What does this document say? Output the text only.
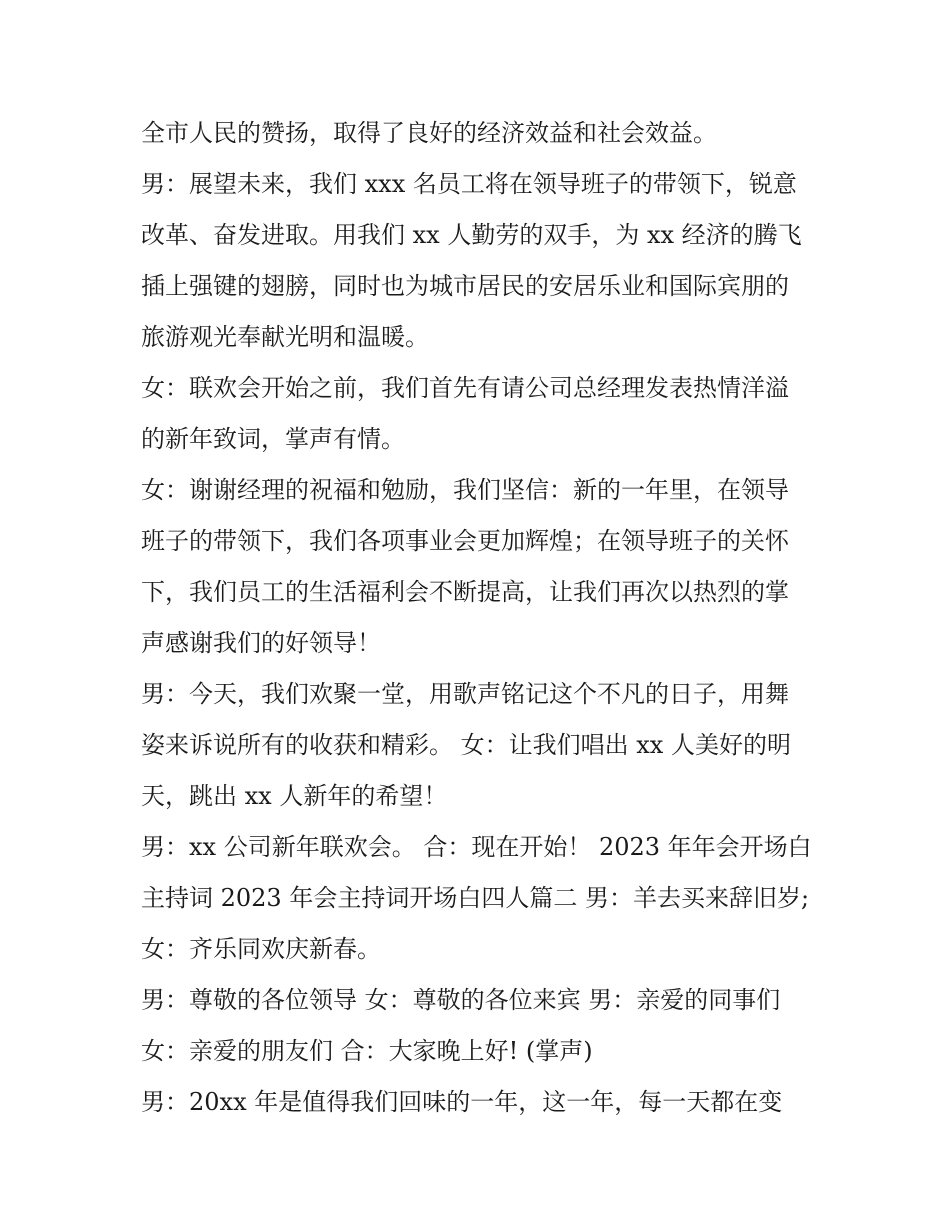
全市人民的赞扬，取得了良好的经济效益和社会效益。
男：展望未来，我们 xxx 名员工将在领导班子的带领下，锐意
改革、奋发进取。用我们 xx 人勤劳的双手，为 xx 经济的腾飞
插上强键的翅膀，同时也为城市居民的安居乐业和国际宾朋的
旅游观光奉献光明和温暖。
女：联欢会开始之前，我们首先有请公司总经理发表热情洋溢
的新年致词，掌声有情。
女：谢谢经理的祝福和勉励，我们坚信：新的一年里，在领导
班子的带领下，我们各项事业会更加辉煌；在领导班子的关怀
下，我们员工的生活福利会不断提高，让我们再次以热烈的掌
声感谢我们的好领导！
男：今天，我们欢聚一堂，用歌声铭记这个不凡的日子，用舞
姿来诉说所有的收获和精彩。 女：让我们唱出 xx 人美好的明
天，跳出 xx 人新年的希望！
男：xx 公司新年联欢会。 合：现在开始！ 2023 年年会开场白
主持词 2023 年会主持词开场白四人篇二 男：羊去买来辞旧岁;
女：齐乐同欢庆新春。
男：尊敬的各位领导 女：尊敬的各位来宾 男：亲爱的同事们
女：亲爱的朋友们 合：大家晚上好! (掌声)
男：20xx 年是值得我们回味的一年，这一年，每一天都在变
